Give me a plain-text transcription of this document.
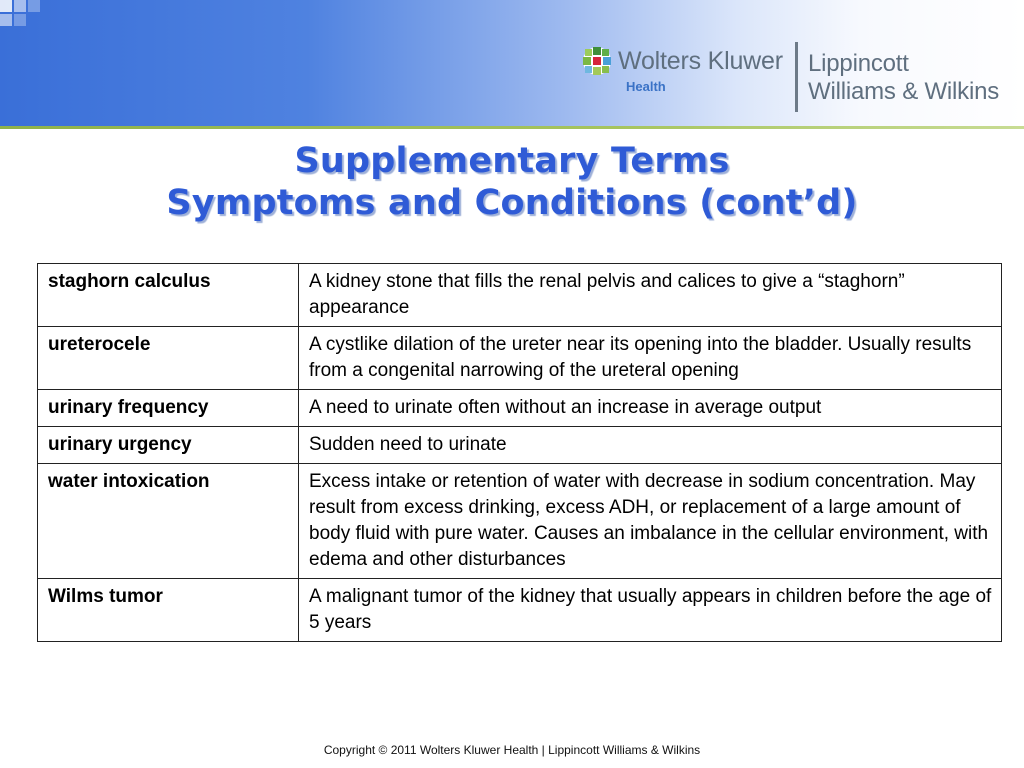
Wolters Kluwer
Health
Lippincott
Williams & Wilkins
Supplementary Terms
Symptoms and Conditions (cont’d)
staghorn calculus	A kidney stone that fills the renal pelvis and calices to give a “staghorn” appearance
ureterocele	A cystlike dilation of the ureter near its opening into the bladder. Usually results from a congenital narrowing of the ureteral opening
urinary frequency	A need to urinate often without an increase in average output
urinary urgency	Sudden need to urinate
water intoxication	Excess intake or retention of water with decrease in sodium concentration. May result from excess drinking, excess ADH, or replacement of a large amount of body fluid with pure water. Causes an imbalance in the cellular environment, with edema and other disturbances
Wilms tumor	A malignant tumor of the kidney that usually appears in children before the age of 5 years
Copyright © 2011 Wolters Kluwer Health | Lippincott Williams & Wilkins
